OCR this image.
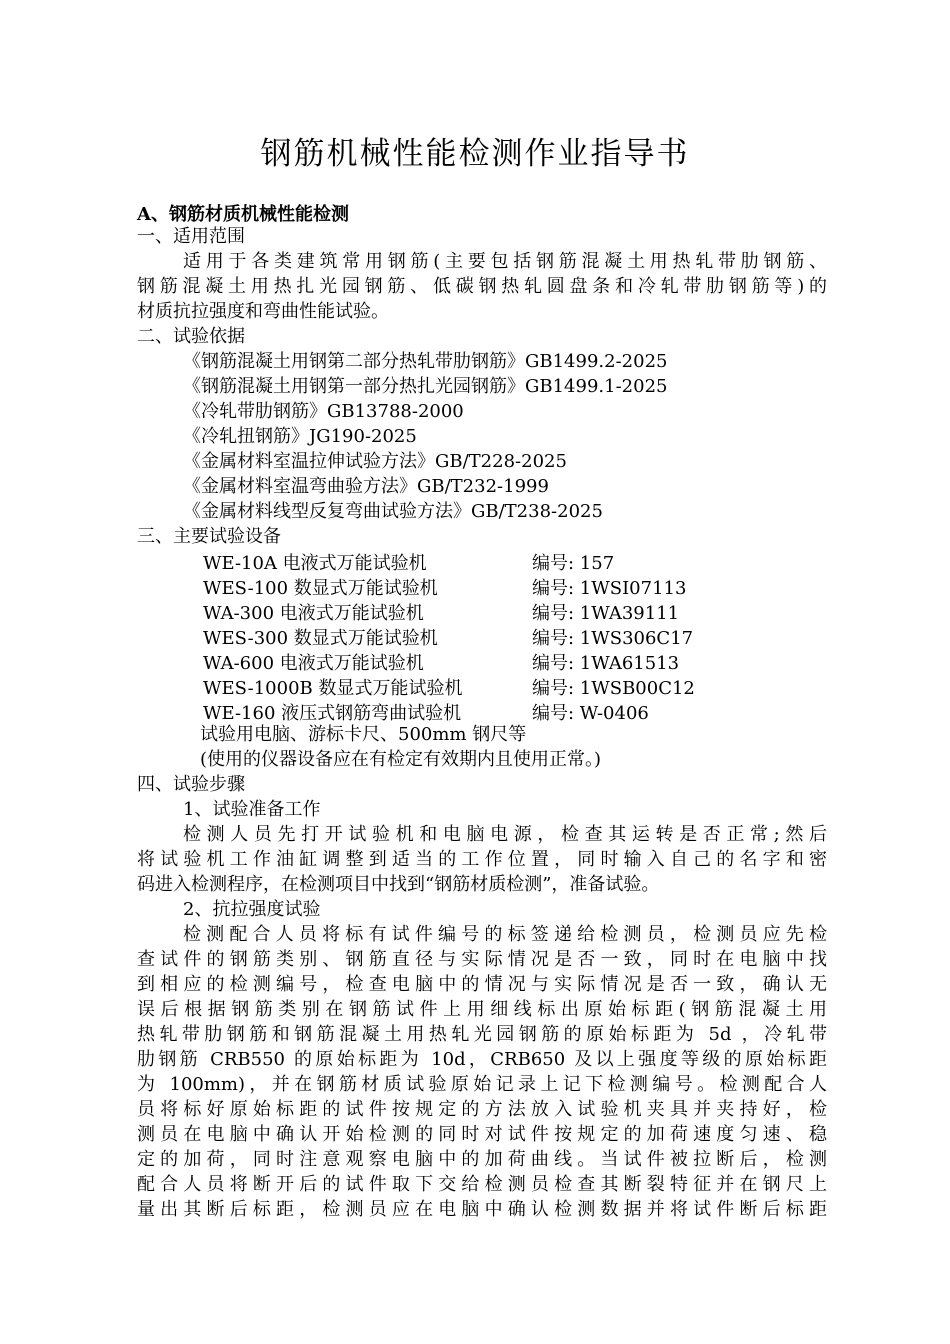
钢筋机械性能检测作业指导书
A、钢筋材质机械性能检测
一、适用范围
适用于各类建筑常用钢筋(主要包括钢筋混凝土用热轧带肋钢筋、
钢筋混凝土用热扎光园钢筋、低碳钢热轧圆盘条和冷轧带肋钢筋等)的
材质抗拉强度和弯曲性能试验。
二、试验依据
《钢筋混凝土用钢第二部分热轧带肋钢筋》GB1499.2-2025
《钢筋混凝土用钢第一部分热扎光园钢筋》GB1499.1-2025
《冷轧带肋钢筋》GB13788-2000
《冷轧扭钢筋》JG190-2025
《金属材料室温拉伸试验方法》GB/T228-2025
《金属材料室温弯曲验方法》GB/T232-1999
《金属材料线型反复弯曲试验方法》GB/T238-2025
三、主要试验设备
WE-10A 电液式万能试验机	编号: 157
WES-100 数显式万能试验机	编号: 1WSI07113
WA-300 电液式万能试验机	编号: 1WA39111
WES-300 数显式万能试验机	编号: 1WS306C17
WA-600 电液式万能试验机	编号: 1WA61513
WES-1000B 数显式万能试验机	编号: 1WSB00C12
WE-160 液压式钢筋弯曲试验机	编号: W-0406
试验用电脑、游标卡尺、500mm 钢尺等
(使用的仪器设备应在有检定有效期内且使用正常。)
四、试验步骤
1、试验准备工作
检测人员先打开试验机和电脑电源，检查其运转是否正常;然后
将试验机工作油缸调整到适当的工作位置，同时输入自己的名字和密
码进入检测程序，在检测项目中找到“钢筋材质检测”，准备试验。
2、抗拉强度试验
检测配合人员将标有试件编号的标签递给检测员，检测员应先检
查试件的钢筋类别、钢筋直径与实际情况是否一致，同时在电脑中找
到相应的检测编号，检查电脑中的情况与实际情况是否一致，确认无
误后根据钢筋类别在钢筋试件上用细线标出原始标距(钢筋混凝土用
热轧带肋钢筋和钢筋混凝土用热轧光园钢筋的原始标距为 5d ，冷轧带
肋钢筋 CRB550 的原始标距为 10d，CRB650 及以上强度等级的原始标距
为 100mm)，并在钢筋材质试验原始记录上记下检测编号。检测配合人
员将标好原始标距的试件按规定的方法放入试验机夹具并夹持好，检
测员在电脑中确认开始检测的同时对试件按规定的加荷速度匀速、稳
定的加荷，同时注意观察电脑中的加荷曲线。当试件被拉断后，检测
配合人员将断开后的试件取下交给检测员检查其断裂特征并在钢尺上
量出其断后标距，检测员应在电脑中确认检测数据并将试件断后标距
